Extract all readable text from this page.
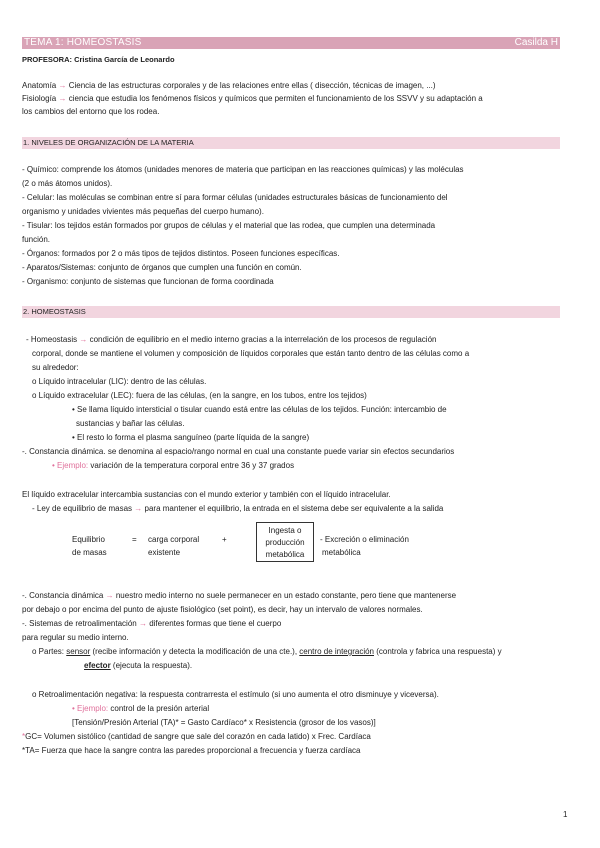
TEMA 1: HOMEOSTASIS	Casilda H
PROFESORA: Cristina García de Leonardo
Anatomía → Ciencia de las estructuras corporales y de las relaciones entre ellas ( disección, técnicas de imagen, ...)
Fisiología → ciencia que estudia los fenómenos físicos y químicos que permiten el funcionamiento de los SSVV y su adaptación a
los cambios del entorno que los rodea.
1. NIVELES DE ORGANIZACIÓN DE LA MATERIA
- Químico: comprende los átomos (unidades menores de materia que participan en las reacciones químicas) y las moléculas
(2 o más átomos unidos).
- Celular: las moléculas se combinan entre sí para formar células (unidades estructurales básicas de funcionamiento del
organismo y unidades vivientes más pequeñas del cuerpo humano).
- Tisular: los tejidos están formados por grupos de células y el material que las rodea, que cumplen una determinada
función.
- Órganos: formados por 2 o más tipos de tejidos distintos. Poseen funciones específicas.
- Aparatos/Sistemas: conjunto de órganos que cumplen una función en común.
- Organismo: conjunto de sistemas que funcionan de forma coordinada
2. HOMEOSTASIS
- Homeostasis → condición de equilibrio en el medio interno gracias a la interrelación de los procesos de regulación
corporal, donde se mantiene el volumen y composición de líquidos corporales que están tanto dentro de las células como a
su alrededor:
o Líquido intracelular (LIC): dentro de las células.
o Líquido extracelular (LEC): fuera de las células, (en la sangre, en los tubos, entre los tejidos)
• Se llama líquido intersticial o tisular cuando está entre las células de los tejidos. Función: intercambio de
sustancias y bañar las células.
• El resto lo forma el plasma sanguíneo (parte líquida de la sangre)
-. Constancia dinámica. se denomina al espacio/rango normal en cual una constante puede variar sin efectos secundarios
• Ejemplo: variación de la temperatura corporal entre 36 y 37 grados
El líquido extracelular intercambia sustancias con el mundo exterior y también con el líquido intracelular.
- Ley de equilibrio de masas → para mantener el equilibrio, la entrada en el sistema debe ser equivalente a la salida
Equilibrio
de masas
= carga corporal
existente
+
Ingesta o
producción
metabólica
- Excreción o eliminación
metabólica
-. Constancia dinámica → nuestro medio interno no suele permanecer en un estado constante, pero tiene que mantenerse
por debajo o por encima del punto de ajuste fisiológico (set point), es decir, hay un intervalo de valores normales.
-. Sistemas de retroalimentación → diferentes formas que tiene el cuerpo
para regular su medio interno.
o Partes: sensor (recibe información y detecta la modificación de una cte.), centro de integración (controla y fabrica una respuesta) y
efector (ejecuta la respuesta).
o Retroalimentación negativa: la respuesta contrarresta el estímulo (si uno aumenta el otro disminuye y viceversa).
• Ejemplo: control de la presión arterial
[Tensión/Presión Arterial (TA)* = Gasto Cardíaco* x Resistencia (grosor de los vasos)]
*GC= Volumen sistólico (cantidad de sangre que sale del corazón en cada latido) x Frec. Cardíaca
*TA= Fuerza que hace la sangre contra las paredes proporcional a frecuencia y fuerza cardíaca
1
